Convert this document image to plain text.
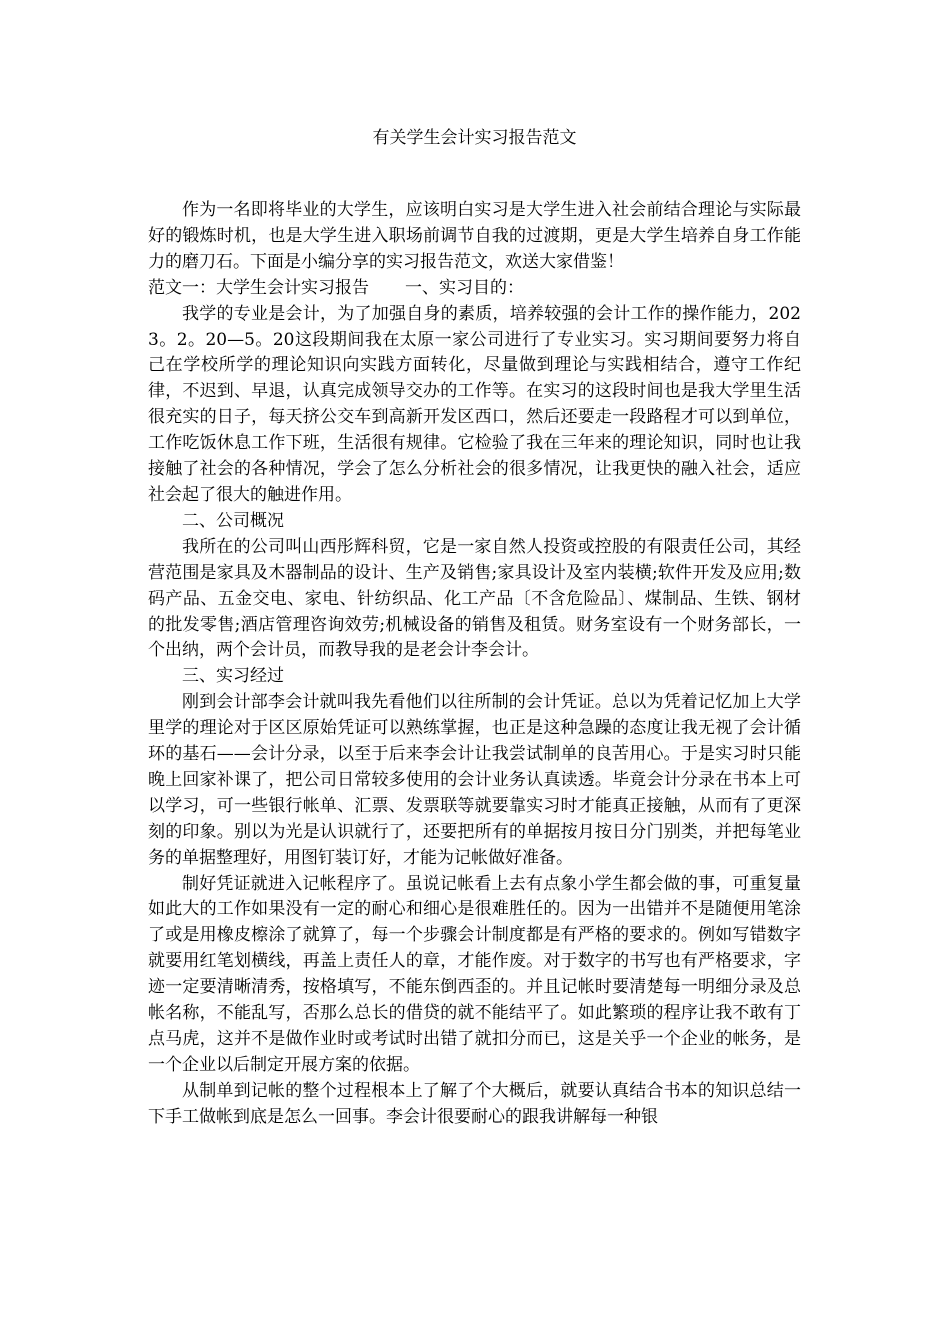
有关学生会计实习报告范文

作为一名即将毕业的大学生，应该明白实习是大学生进入社会前结合理论与实际最好的锻炼时机，也是大学生进入职场前调节自我的过渡期，更是大学生培养自身工作能力的磨刀石。下面是小编分享的实习报告范文，欢送大家借鉴！

范文一：大学生会计实习报告 一、实习目的：

我学的专业是会计，为了加强自身的素质，培养较强的会计工作的操作能力，2023。2。20—5。20这段期间我在太原一家公司进行了专业实习。实习期间要努力将自己在学校所学的理论知识向实践方面转化，尽量做到理论与实践相结合，遵守工作纪律，不迟到、早退，认真完成领导交办的工作等。在实习的这段时间也是我大学里生活很充实的日子，每天挤公交车到高新开发区西口，然后还要走一段路程才可以到单位，工作吃饭休息工作下班，生活很有规律。它检验了我在三年来的理论知识，同时也让我接触了社会的各种情况，学会了怎么分析社会的很多情况，让我更快的融入社会，适应社会起了很大的触进作用。

二、公司概况

我所在的公司叫山西彤辉科贸，它是一家自然人投资或控股的有限责任公司，其经营范围是家具及木器制品的设计、生产及销售;家具设计及室内装横;软件开发及应用;数码产品、五金交电、家电、针纺织品、化工产品〔不含危险品〕、煤制品、生铁、钢材的批发零售;酒店管理咨询效劳;机械设备的销售及租赁。财务室设有一个财务部长，一个出纳，两个会计员，而教导我的是老会计李会计。

三、实习经过

刚到会计部李会计就叫我先看他们以往所制的会计凭证。总以为凭着记忆加上大学里学的理论对于区区原始凭证可以熟练掌握，也正是这种急躁的态度让我无视了会计循环的基石——会计分录，以至于后来李会计让我尝试制单的良苦用心。于是实习时只能晚上回家补课了，把公司日常较多使用的会计业务认真读透。毕竟会计分录在书本上可以学习，可一些银行帐单、汇票、发票联等就要靠实习时才能真正接触，从而有了更深刻的印象。别以为光是认识就行了，还要把所有的单据按月按日分门别类，并把每笔业务的单据整理好，用图钉装订好，才能为记帐做好准备。

制好凭证就进入记帐程序了。虽说记帐看上去有点象小学生都会做的事，可重复量如此大的工作如果没有一定的耐心和细心是很难胜任的。因为一出错并不是随便用笔涂了或是用橡皮檫涂了就算了，每一个步骤会计制度都是有严格的要求的。例如写错数字就要用红笔划横线，再盖上责任人的章，才能作废。对于数字的书写也有严格要求，字迹一定要清晰清秀，按格填写，不能东倒西歪的。并且记帐时要清楚每一明细分录及总帐名称，不能乱写，否那么总长的借贷的就不能结平了。如此繁琐的程序让我不敢有丁点马虎，这并不是做作业时或考试时出错了就扣分而已，这是关乎一个企业的帐务，是一个企业以后制定开展方案的依据。

从制单到记帐的整个过程根本上了解了个大概后，就要认真结合书本的知识总结一下手工做帐到底是怎么一回事。李会计很要耐心的跟我讲解每一种银
